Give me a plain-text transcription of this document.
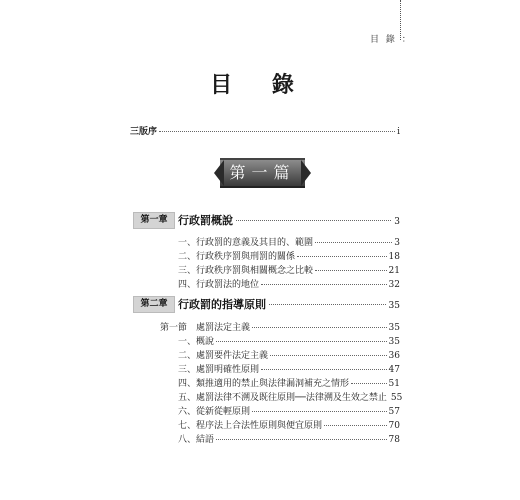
目 錄 ：
目 錄
三版序	i
第一篇
第一章 行政罰概說	3
一、行政罰的意義及其目的、範圍	3
二、行政秩序罰與刑罰的關係	18
三、行政秩序罰與相關概念之比較	21
四、行政罰法的地位	32
第二章 行政罰的指導原則	35
第一節　處罰法定主義	35
一、概說	35
二、處罰要件法定主義	36
三、處罰明確性原則	47
四、類推適用的禁止與法律漏洞補充之情形	51
五、處罰法律不溯及既往原則──法律溯及生效之禁止 55
六、從新從輕原則	57
七、程序法上合法性原則與便宜原則	70
八、結語	78
